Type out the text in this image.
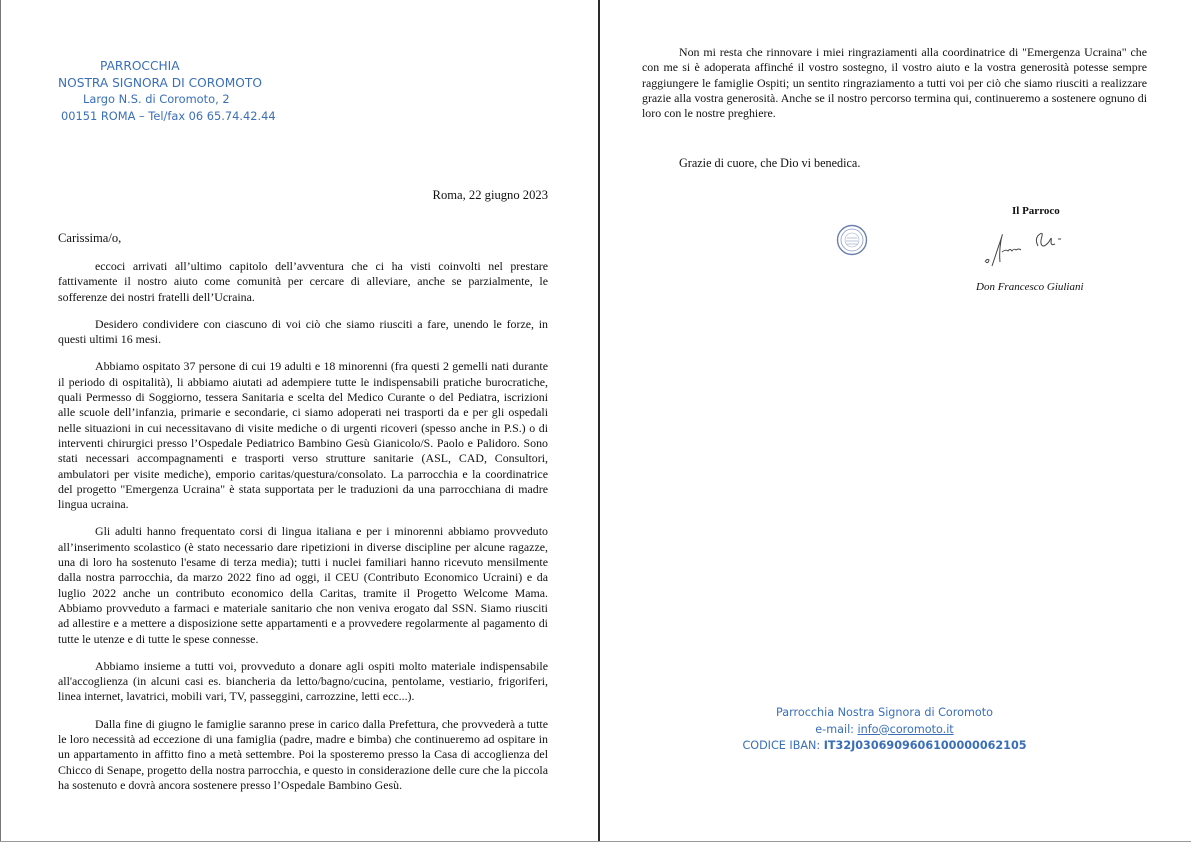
PARROCCHIA
NOSTRA SIGNORA DI COROMOTO
Largo N.S. di Coromoto, 2
00151 ROMA – Tel/fax 06 65.74.42.44
Roma, 22 giugno 2023
Carissima/o,

eccoci arrivati all’ultimo capitolo dell’avventura che ci ha visti coinvolti nel prestare fattivamente il nostro aiuto come comunità per cercare di alleviare, anche se parzialmente, le sofferenze dei nostri fratelli dell’Ucraina.

Desidero condividere con ciascuno di voi ciò che siamo riusciti a fare, unendo le forze, in questi ultimi 16 mesi.

Abbiamo ospitato 37 persone di cui 19 adulti e 18 minorenni (fra questi 2 gemelli nati durante il periodo di ospitalità), li abbiamo aiutati ad adempiere tutte le indispensabili pratiche burocratiche, quali Permesso di Soggiorno, tessera Sanitaria e scelta del Medico Curante o del Pediatra, iscrizioni alle scuole dell’infanzia, primarie e secondarie, ci siamo adoperati nei trasporti da e per gli ospedali nelle situazioni in cui necessitavano di visite mediche o di urgenti ricoveri (spesso anche in P.S.) o di interventi chirurgici presso l’Ospedale Pediatrico Bambino Gesù Gianicolo/S. Paolo e Palidoro. Sono stati necessari accompagnamenti e trasporti verso strutture sanitarie (ASL, CAD, Consultori, ambulatori per visite mediche), emporio caritas/questura/consolato. La parrocchia e la coordinatrice del progetto "Emergenza Ucraina" è stata supportata per le traduzioni da una parrocchiana di madre lingua ucraina.

Gli adulti hanno frequentato corsi di lingua italiana e per i minorenni abbiamo provveduto all’inserimento scolastico (è stato necessario dare ripetizioni in diverse discipline per alcune ragazze, una di loro ha sostenuto l'esame di terza media); tutti i nuclei familiari hanno ricevuto mensilmente dalla nostra parrocchia, da marzo 2022 fino ad oggi, il CEU (Contributo Economico Ucraini) e da luglio 2022 anche un contributo economico della Caritas, tramite il Progetto Welcome Mama. Abbiamo provveduto a farmaci e materiale sanitario che non veniva erogato dal SSN. Siamo riusciti ad allestire e a mettere a disposizione sette appartamenti e a provvedere regolarmente al pagamento di tutte le utenze e di tutte le spese connesse.

Abbiamo insieme a tutti voi, provveduto a donare agli ospiti molto materiale indispensabile all'accoglienza (in alcuni casi es. biancheria da letto/bagno/cucina, pentolame, vestiario, frigoriferi, linea internet, lavatrici, mobili vari, TV, passeggini, carrozzine, letti ecc...).

Dalla fine di giugno le famiglie saranno prese in carico dalla Prefettura, che provvederà a tutte le loro necessità ad eccezione di una famiglia (padre, madre e bimba) che continueremo ad ospitare in un appartamento in affitto fino a metà settembre. Poi la sposteremo presso la Casa di accoglienza del Chicco di Senape, progetto della nostra parrocchia, e questo in considerazione delle cure che la piccola ha sostenuto e dovrà ancora sostenere presso l’Ospedale Bambino Gesù.

Non mi resta che rinnovare i miei ringraziamenti alla coordinatrice di "Emergenza Ucraina" che con me si è adoperata affinché il vostro sostegno, il vostro aiuto e la vostra generosità potesse sempre raggiungere le famiglie Ospiti; un sentito ringraziamento a tutti voi per ciò che siamo riusciti a realizzare grazie alla vostra generosità. Anche se il nostro percorso termina qui, continueremo a sostenere ognuno di loro con le nostre preghiere.

Grazie di cuore, che Dio vi benedica.
Il Parroco
Don Francesco Giuliani
Parrocchia Nostra Signora di Coromoto
e-mail: info@coromoto.it
CODICE IBAN: IT32J0306909606100000062105
